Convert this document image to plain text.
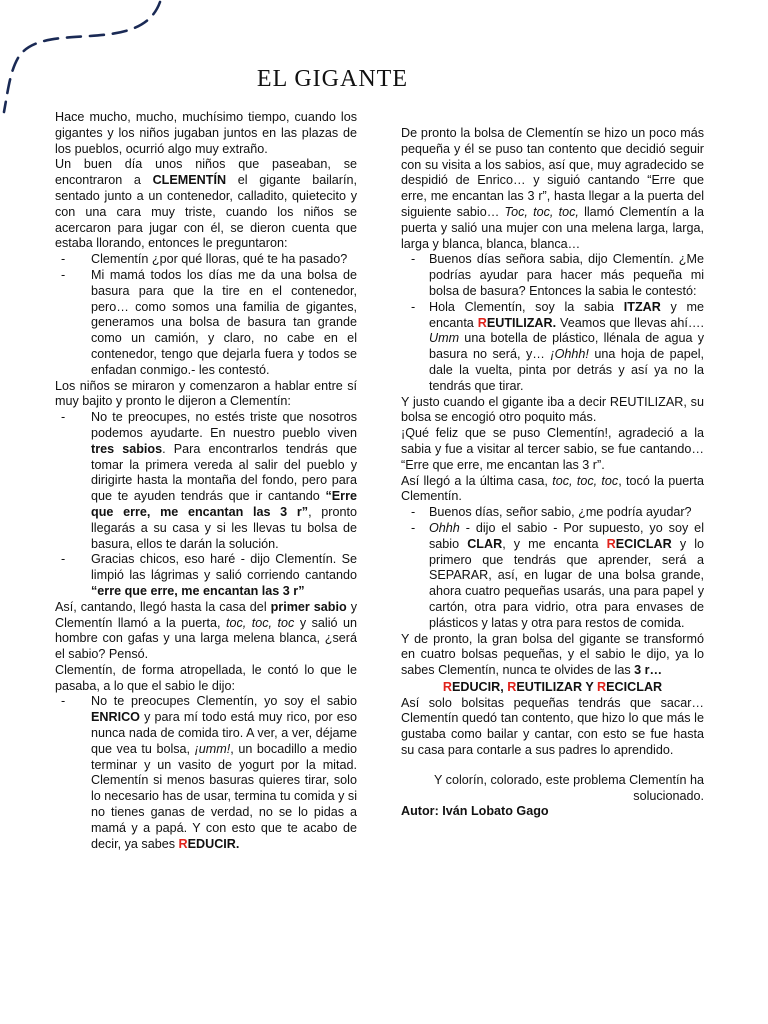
EL GIGANTE

Hace mucho, mucho, muchísimo tiempo, cuando los gigantes y los niños jugaban juntos en las plazas de los pueblos, ocurrió algo muy extraño.

Un buen día unos niños que paseaban, se encontraron a CLEMENTÍN el gigante bailarín, sentado junto a un contenedor, calladito, quietecito y con una cara muy triste, cuando los niños se acercaron para jugar con él, se dieron cuenta que estaba llorando, entonces le preguntaron:

- Clementín ¿por qué lloras, qué te ha pasado?
- Mi mamá todos los días me da una bolsa de basura para que la tire en el contenedor, pero… como somos una familia de gigantes, generamos una bolsa de basura tan grande como un camión, y claro, no cabe en el contenedor, tengo que dejarla fuera y todos se enfadan conmigo.- les contestó.

Los niños se miraron y comenzaron a hablar entre sí muy bajito y pronto le dijeron a Clementín:

- No te preocupes, no estés triste que nosotros podemos ayudarte. En nuestro pueblo viven tres sabios. Para encontrarlos tendrás que tomar la primera vereda al salir del pueblo y dirigirte hasta la montaña del fondo, pero para que te ayuden tendrás que ir cantando “Erre que erre, me encantan las 3 r”, pronto llegarás a su casa y si les llevas tu bolsa de basura, ellos te darán la solución.
- Gracias chicos, eso haré - dijo Clementín. Se limpió las lágrimas y salió corriendo cantando “erre que erre, me encantan las 3 r”

Así, cantando, llegó hasta la casa del primer sabio y Clementín llamó a la puerta, toc, toc, toc y salió un hombre con gafas y una larga melena blanca, ¿será el sabio? Pensó.

Clementín, de forma atropellada, le contó lo que le pasaba, a lo que el sabio le dijo:

- No te preocupes Clementín, yo soy el sabio ENRICO y para mí todo está muy rico, por eso nunca nada de comida tiro. A ver, a ver, déjame que vea tu bolsa, ¡umm!, un bocadillo a medio terminar y un vasito de yogurt por la mitad. Clementín si menos basuras quieres tirar, solo lo necesario has de usar, termina tu comida y si no tienes ganas de verdad, no se lo pidas a mamá y a papá. Y con esto que te acabo de decir, ya sabes REDUCIR.

De pronto la bolsa de Clementín se hizo un poco más pequeña y él se puso tan contento que decidió seguir con su visita a los sabios, así que, muy agradecido se despidió de Enrico… y siguió cantando “Erre que erre, me encantan las 3 r”, hasta llegar a la puerta del siguiente sabio… Toc, toc, toc, llamó Clementín a la puerta y salió una mujer con una melena larga, larga, larga y blanca, blanca, blanca…

- Buenos días señora sabia, dijo Clementín. ¿Me podrías ayudar para hacer más pequeña mi bolsa de basura? Entonces la sabia le contestó:
- Hola Clementín, soy la sabia ITZAR y me encanta REUTILIZAR. Veamos que llevas ahí…. Umm una botella de plástico, llénala de agua y basura no será, y… ¡Ohhh! una hoja de papel, dale la vuelta, pinta por detrás y así ya no la tendrás que tirar.

Y justo cuando el gigante iba a decir REUTILIZAR, su bolsa se encogió otro poquito más.

¡Qué feliz que se puso Clementín!, agradeció a la sabia y fue a visitar al tercer sabio, se fue cantando… “Erre que erre, me encantan las 3 r”.

Así llegó a la última casa, toc, toc, toc, tocó la puerta Clementín.

- Buenos días, señor sabio, ¿me podría ayudar?
- Ohhh - dijo el sabio - Por supuesto, yo soy el sabio CLAR, y me encanta RECICLAR y lo primero que tendrás que aprender, será a SEPARAR, así, en lugar de una bolsa grande, ahora cuatro pequeñas usarás, una para papel y cartón, otra para vidrio, otra para envases de plásticos y latas y otra para restos de comida.

Y de pronto, la gran bolsa del gigante se transformó en cuatro bolsas pequeñas, y el sabio le dijo, ya lo sabes Clementín, nunca te olvides de las 3 r…

REDUCIR, REUTILIZAR Y RECICLAR

Así solo bolsitas pequeñas tendrás que sacar… Clementín quedó tan contento, que hizo lo que más le gustaba como bailar y cantar, con esto se fue hasta su casa para contarle a sus padres lo aprendido.

Y colorín, colorado, este problema Clementín ha solucionado.

Autor: Iván Lobato Gago
